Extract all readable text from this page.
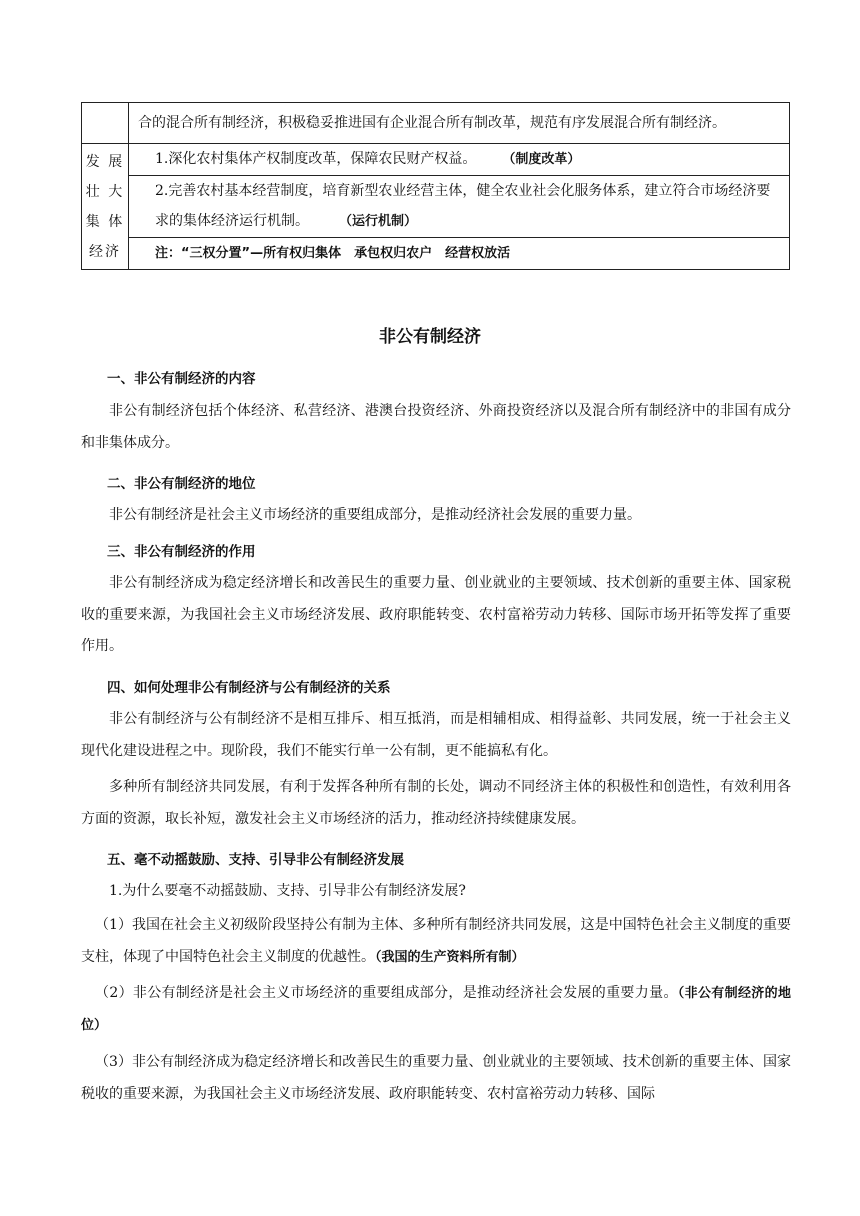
	合的混合所有制经济，积极稳妥推进国有企业混合所有制改革，规范有序发展混合所有制经济。

发 展
壮 大
集 体
经济	1.深化农村集体产权制度改革，保障农民财产权益。 （制度改革）

	2.完善农村基本经营制度，培育新型农业经营主体，健全农业社会化服务体系，建立符合市场经济要求的集体经济运行机制。 （运行机制）

	注：“三权分置”—所有权归集体　承包权归农户　经营权放活
非公有制经济
一、非公有制经济的内容
非公有制经济包括个体经济、私营经济、港澳台投资经济、外商投资经济以及混合所有制经济中的非国有成分和非集体成分。
二、非公有制经济的地位
非公有制经济是社会主义市场经济的重要组成部分，是推动经济社会发展的重要力量。
三、非公有制经济的作用
非公有制经济成为稳定经济增长和改善民生的重要力量、创业就业的主要领域、技术创新的重要主体、国家税收的重要来源，为我国社会主义市场经济发展、政府职能转变、农村富裕劳动力转移、国际市场开拓等发挥了重要作用。
四、如何处理非公有制经济与公有制经济的关系
非公有制经济与公有制经济不是相互排斥、相互抵消，而是相辅相成、相得益彰、共同发展，统一于社会主义现代化建设进程之中。现阶段，我们不能实行单一公有制，更不能搞私有化。
多种所有制经济共同发展，有利于发挥各种所有制的长处，调动不同经济主体的积极性和创造性，有效利用各方面的资源，取长补短，激发社会主义市场经济的活力，推动经济持续健康发展。
五、毫不动摇鼓励、支持、引导非公有制经济发展
1.为什么要毫不动摇鼓励、支持、引导非公有制经济发展?
（1）我国在社会主义初级阶段坚持公有制为主体、多种所有制经济共同发展，这是中国特色社会主义制度的重要支柱，体现了中国特色社会主义制度的优越性。（我国的生产资料所有制）
（2）非公有制经济是社会主义市场经济的重要组成部分，是推动经济社会发展的重要力量。（非公有制经济的地位）
（3）非公有制经济成为稳定经济增长和改善民生的重要力量、创业就业的主要领域、技术创新的重要主体、国家税收的重要来源，为我国社会主义市场经济发展、政府职能转变、农村富裕劳动力转移、国际
